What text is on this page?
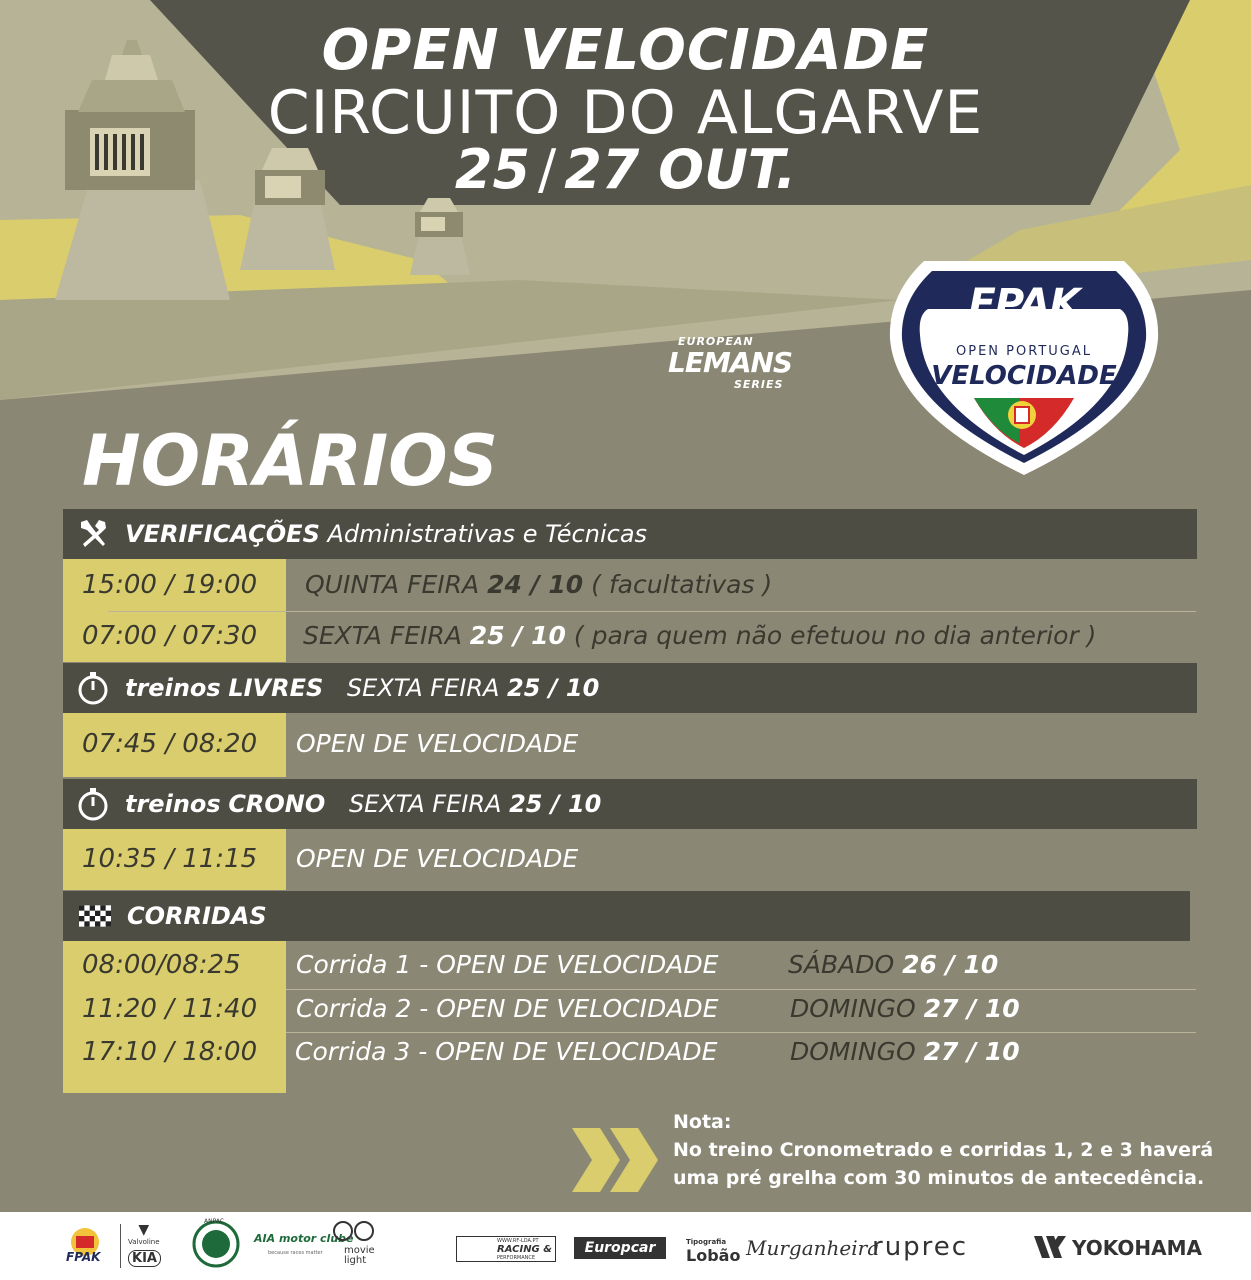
OPEN VELOCIDADE
CIRCUITO DO ALGARVE
25 / 27 OUT.
EUROPEAN
LEMANS
SERIES
FPAK
OPEN PORTUGAL
VELOCIDADE
HORÁRIOS
VERIFICAÇÕES Administrativas e Técnicas
15:00 / 19:00 QUINTA FEIRA 24 / 10 ( facultativas )
07:00 / 07:30 SEXTA FEIRA 25 / 10 ( para quem não efetuou no dia anterior )
treinos LIVRES SEXTA FEIRA 25 / 10
07:45 / 08:20 OPEN DE VELOCIDADE
treinos CRONO SEXTA FEIRA 25 / 10
10:35 / 11:15 OPEN DE VELOCIDADE
CORRIDAS
08:00/08:25 Corrida 1 - OPEN DE VELOCIDADE	SÁBADO 26 / 10
11:20 / 11:40 Corrida 2 - OPEN DE VELOCIDADE	DOMINGO 27 / 10
17:10 / 18:00 Corrida 3 - OPEN DE VELOCIDADE	DOMINGO 27 / 10
Nota:
No treino Cronometrado e corridas 1, 2 e 3 haverá
uma pré grelha com 30 minutos de antecedência.
FPAK
▼
Valvoline
KIA
ANPAC
AIA motor clube
because races matter movie
light
WWW.RF-LDA.PT
RACING &
PERFORMANCE
Europcar	Tipografia
Lobão Murganheira
ruprec	YOKOHAMA
